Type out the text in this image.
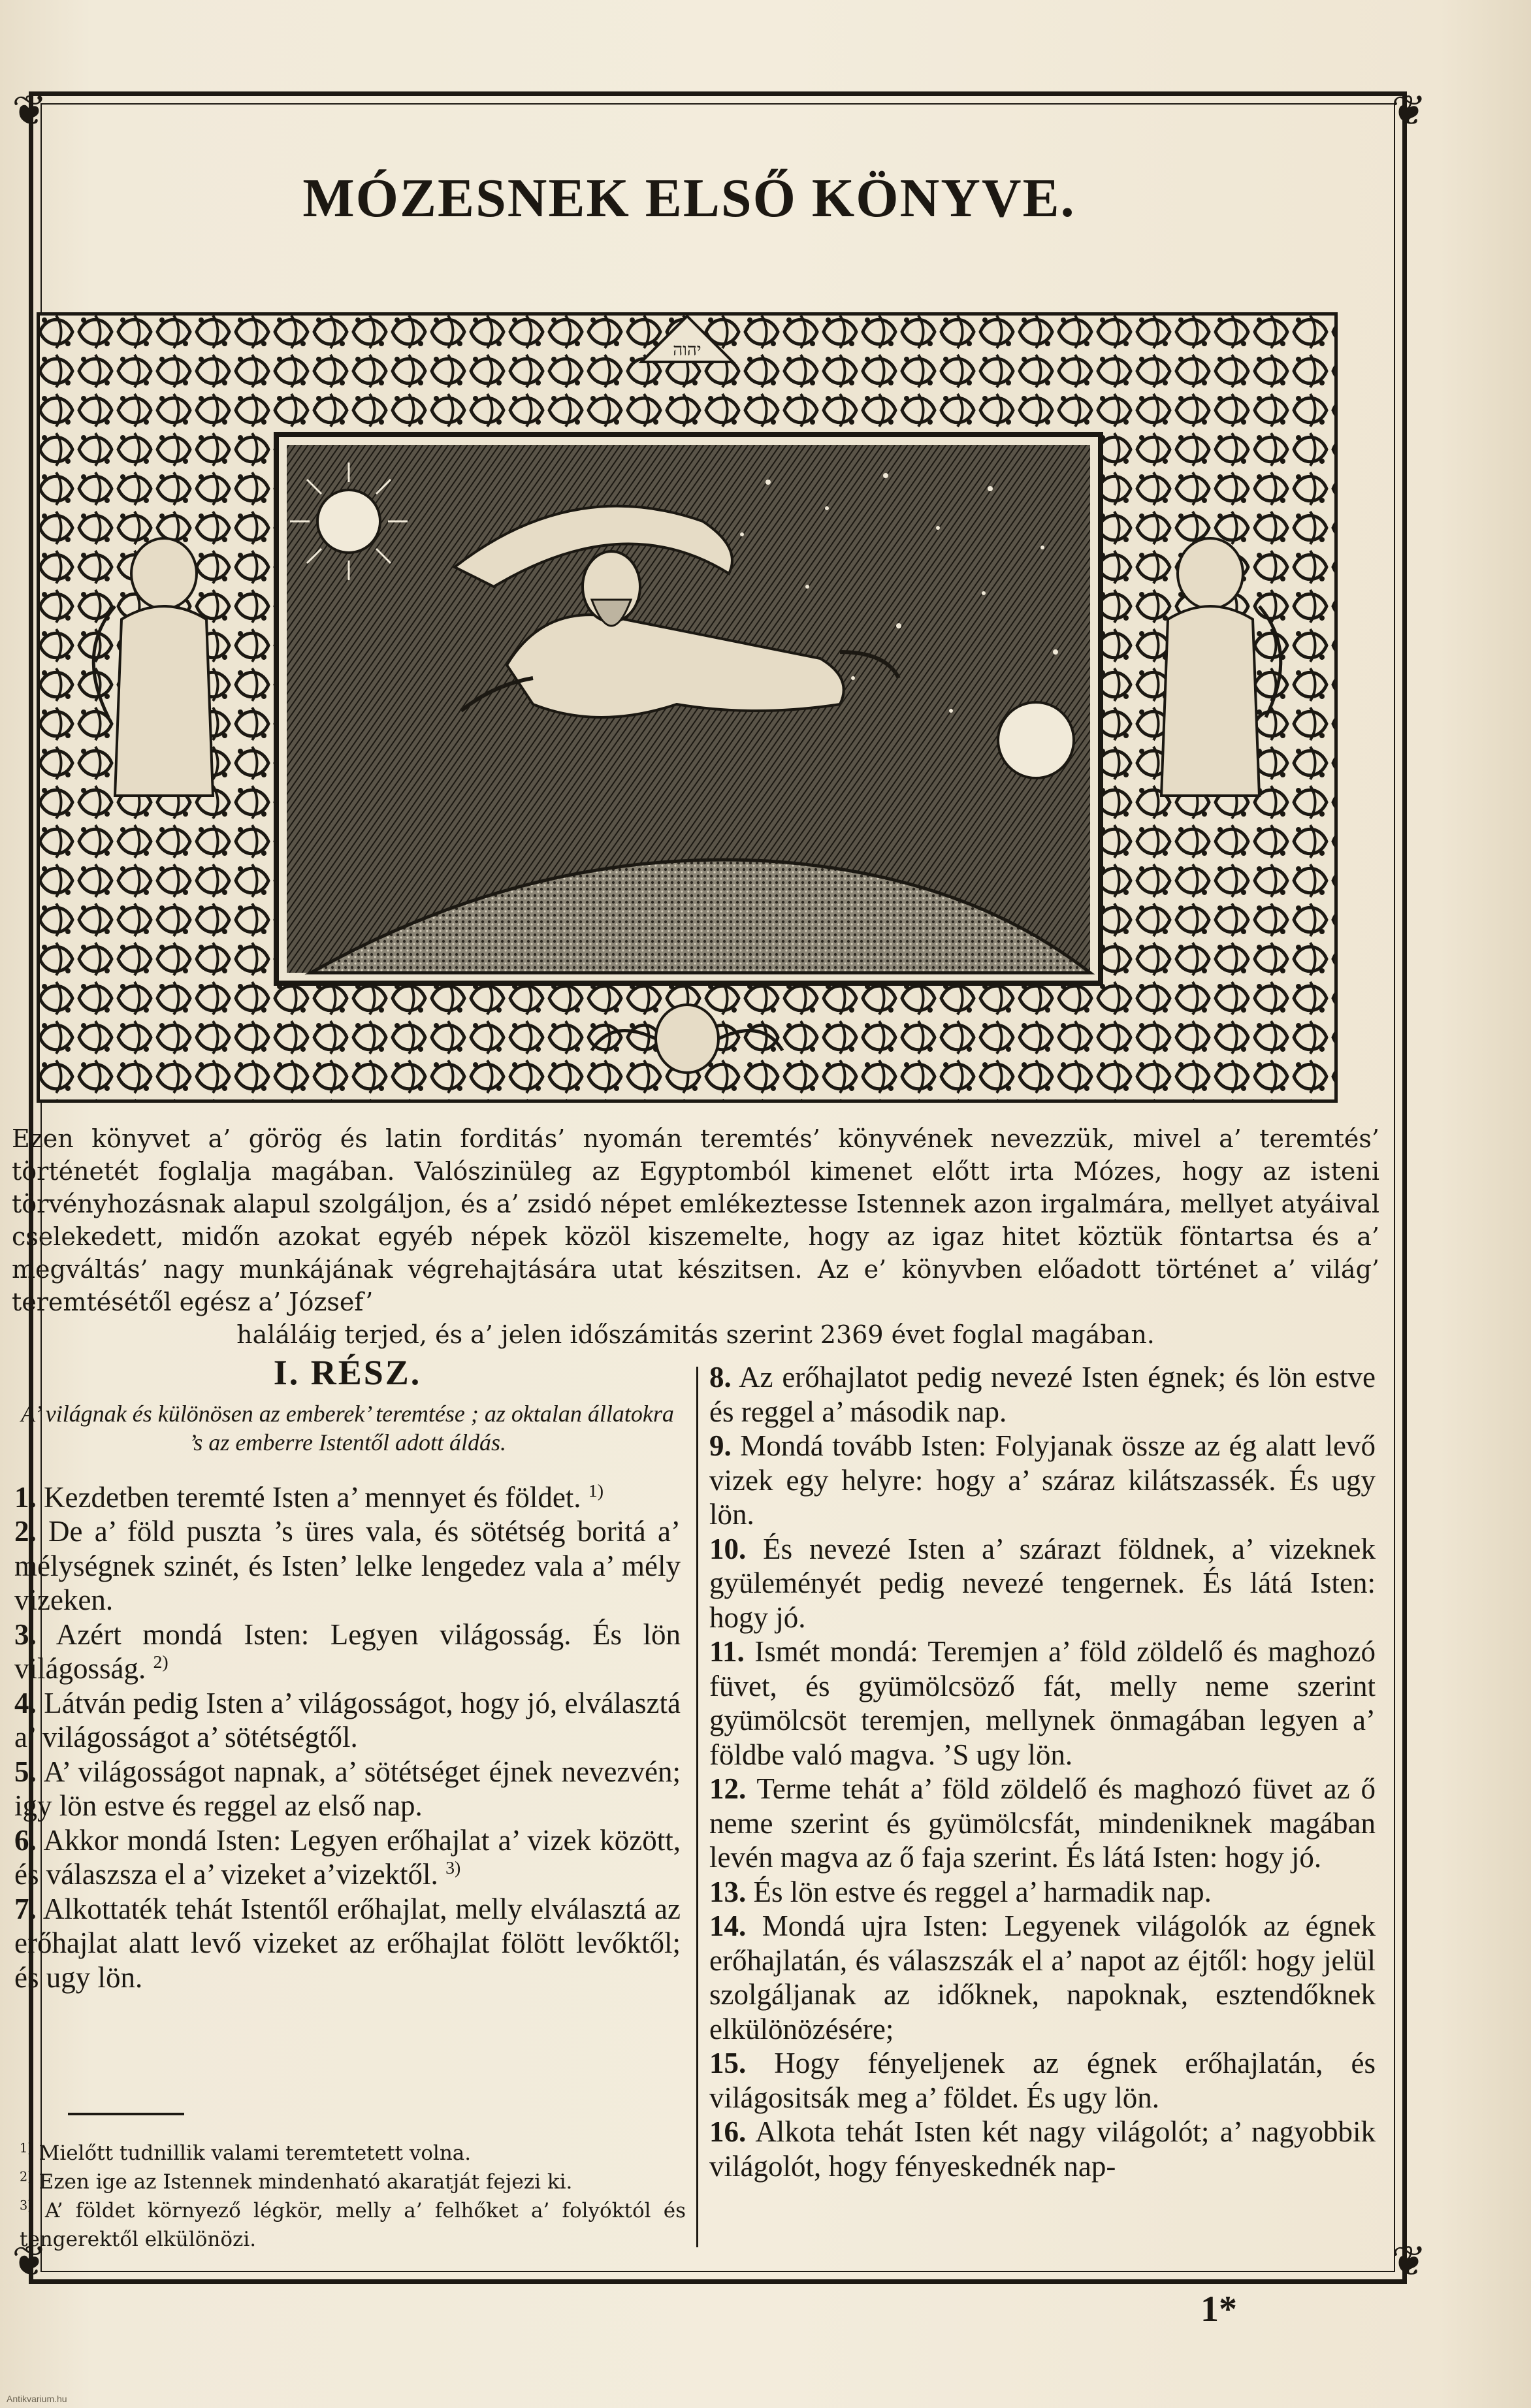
❦	❦
❦	❦
MÓZESNEK ELSŐ KÖNYVE.
יהוה
Ezen könyvet a’ görög és latin forditás’ nyomán teremtés’ könyvének nevezzük, mivel a’ teremtés’ történetét foglalja magában. Valószinüleg az Egyptomból kimenet előtt irta Mózes, hogy az isteni törvényhozásnak alapul szolgáljon, és a’ zsidó népet emlékeztesse Istennek azon irgalmára, mellyet atyáival cselekedett, midőn azokat egyéb népek közöl kiszemelte, hogy az igaz hitet köztük föntartsa és a’ megváltás’ nagy munkájának végrehajtására utat készitsen. Az e’ könyvben előadott történet a’ világ’ teremtésétől egész a’ József’
haláláig terjed, és a’ jelen időszámitás szerint 2369 évet foglal magában.
I. RÉSZ.
A’ világnak és különösen az emberek’ teremtése ; az oktalan állatokra ’s az emberre Istentől adott áldás.

1. Kezdetben teremté Isten a’ mennyet és földet. $^{1)}$

2. De a’ föld puszta ’s üres vala, és sötétség boritá a’ mélységnek szinét, és Isten’ lelke lengedez vala a’ mély vizeken.

3. Azért mondá Isten: Legyen világosság. És lön világosság. $^{2)}$

4. Látván pedig Isten a’ világosságot, hogy jó, elválasztá a’ világosságot a’ sötétségtől.

5. A’ világosságot napnak, a’ sötétséget éjnek nevezvén; igy lön estve és reggel az első nap.

6. Akkor mondá Isten: Legyen erőhajlat a’ vizek között, és válaszsza el a’ vizeket a’vizektől. $^{3)}$

7. Alkottaték tehát Istentől erőhajlat, melly elválasztá az erőhajlat alatt levő vizeket az erőhajlat fölött levőktől; és ugy lön.

8. Az erőhajlatot pedig nevezé Isten égnek; és lön estve és reggel a’ második nap.

9. Mondá tovább Isten: Folyjanak össze az ég alatt levő vizek egy helyre: hogy a’ száraz kilátszassék. És ugy lön.

10. És nevezé Isten a’ szárazt földnek, a’ vizeknek gyüleményét pedig nevezé tengernek. És látá Isten: hogy jó.

11. Ismét mondá: Teremjen a’ föld zöldelő és maghozó füvet, és gyümölcsöző fát, melly neme szerint gyümölcsöt teremjen, mellynek önmagában legyen a’ földbe való magva. ’S ugy lön.

12. Terme tehát a’ föld zöldelő és maghozó füvet az ő neme szerint és gyümölcsfát, mindeniknek magában levén magva az ő faja szerint. És látá Isten: hogy jó.

13. És lön estve és reggel a’ harmadik nap.

14. Mondá ujra Isten: Legyenek világolók az égnek erőhajlatán, és válaszszák el a’ napot az éjtől: hogy jelül szolgáljanak az időknek, napoknak, esztendőknek elkülönözésére;

15. Hogy fényeljenek az égnek erőhajlatán, és világositsák meg a’ földet. És ugy lön.

16. Alkota tehát Isten két nagy világolót; a’ nagyobbik világolót, hogy fényeskednék nap-

$^{1)}$ Mielőtt tudnillik valami teremtetett volna.

$^{2)}$ Ezen ige az Istennek mindenható akaratját fejezi ki.

$^{3)}$ A’ földet környező légkör, melly a’ felhőket a’ folyóktól és tengerektől elkülönözi.

1*
Antikvarium.hu
